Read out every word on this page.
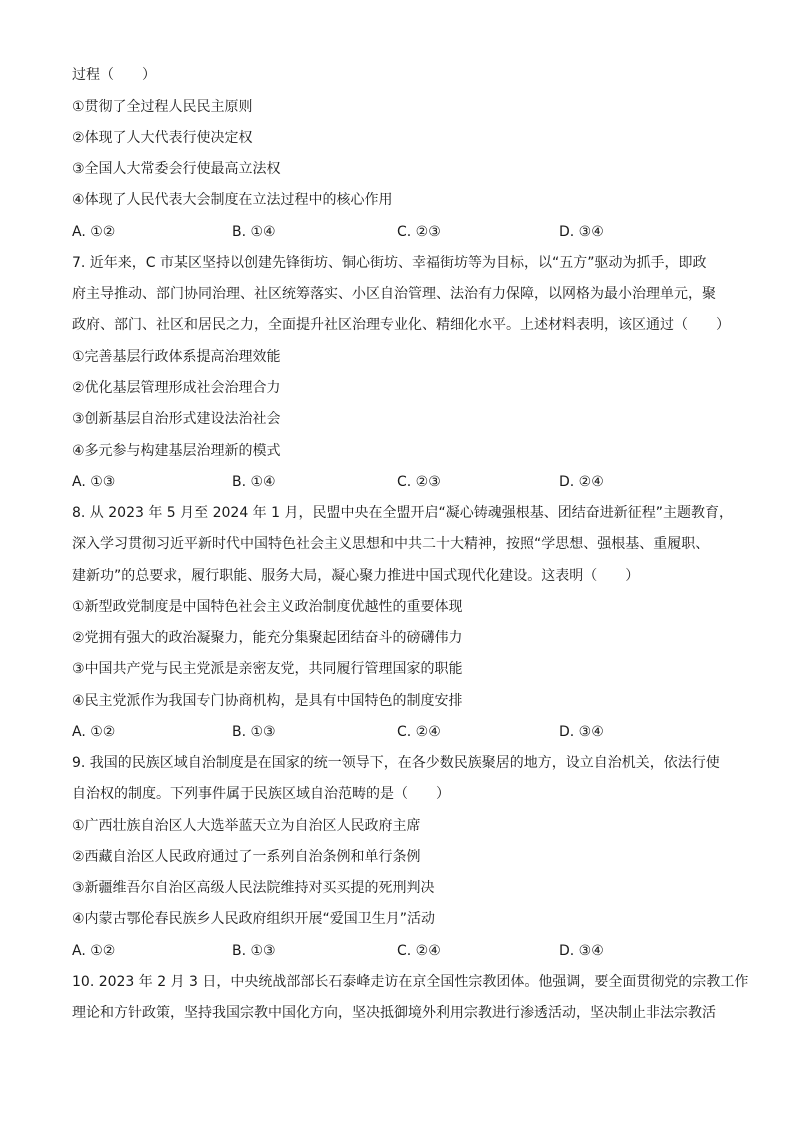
过程（　　）
①贯彻了全过程人民民主原则
②体现了人大代表行使决定权
③全国人大常委会行使最高立法权
④体现了人民代表大会制度在立法过程中的核心作用
A. ①②	B. ①④	C. ②③	D. ③④
7. 近年来，C 市某区坚持以创建先锋街坊、铜心街坊、幸福街坊等为目标，以“五方”驱动为抓手，即政
府主导推动、部门协同治理、社区统筹落实、小区自治管理、法治有力保障，以网格为最小治理单元，聚
政府、部门、社区和居民之力，全面提升社区治理专业化、精细化水平。上述材料表明，该区通过（　　）
①完善基层行政体系提高治理效能
②优化基层管理形成社会治理合力
③创新基层自治形式建设法治社会
④多元参与构建基层治理新的模式
A. ①③	B. ①④	C. ②③	D. ②④
8. 从 2023 年 5 月至 2024 年 1 月，民盟中央在全盟开启“凝心铸魂强根基、团结奋进新征程”主题教育，
深入学习贯彻习近平新时代中国特色社会主义思想和中共二十大精神，按照“学思想、强根基、重履职、
建新功”的总要求，履行职能、服务大局，凝心聚力推进中国式现代化建设。这表明（　　）
①新型政党制度是中国特色社会主义政治制度优越性的重要体现
②党拥有强大的政治凝聚力，能充分集聚起团结奋斗的磅礴伟力
③中国共产党与民主党派是亲密友党，共同履行管理国家的职能
④民主党派作为我国专门协商机构，是具有中国特色的制度安排
A. ①②	B. ①③	C. ②④	D. ③④
9. 我国的民族区域自治制度是在国家的统一领导下，在各少数民族聚居的地方，设立自治机关，依法行使
自治权的制度。下列事件属于民族区域自治范畴的是（　　）
①广西壮族自治区人大选举蓝天立为自治区人民政府主席
②西藏自治区人民政府通过了一系列自治条例和单行条例
③新疆维吾尔自治区高级人民法院维持对买买提的死刑判决
④内蒙古鄂伦春民族乡人民政府组织开展“爱国卫生月”活动
A. ①②	B. ①③	C. ②④	D. ③④
10. 2023 年 2 月 3 日，中央统战部部长石泰峰走访在京全国性宗教团体。他强调，要全面贯彻党的宗教工作
理论和方针政策，坚持我国宗教中国化方向，坚决抵御境外利用宗教进行渗透活动，坚决制止非法宗教活
